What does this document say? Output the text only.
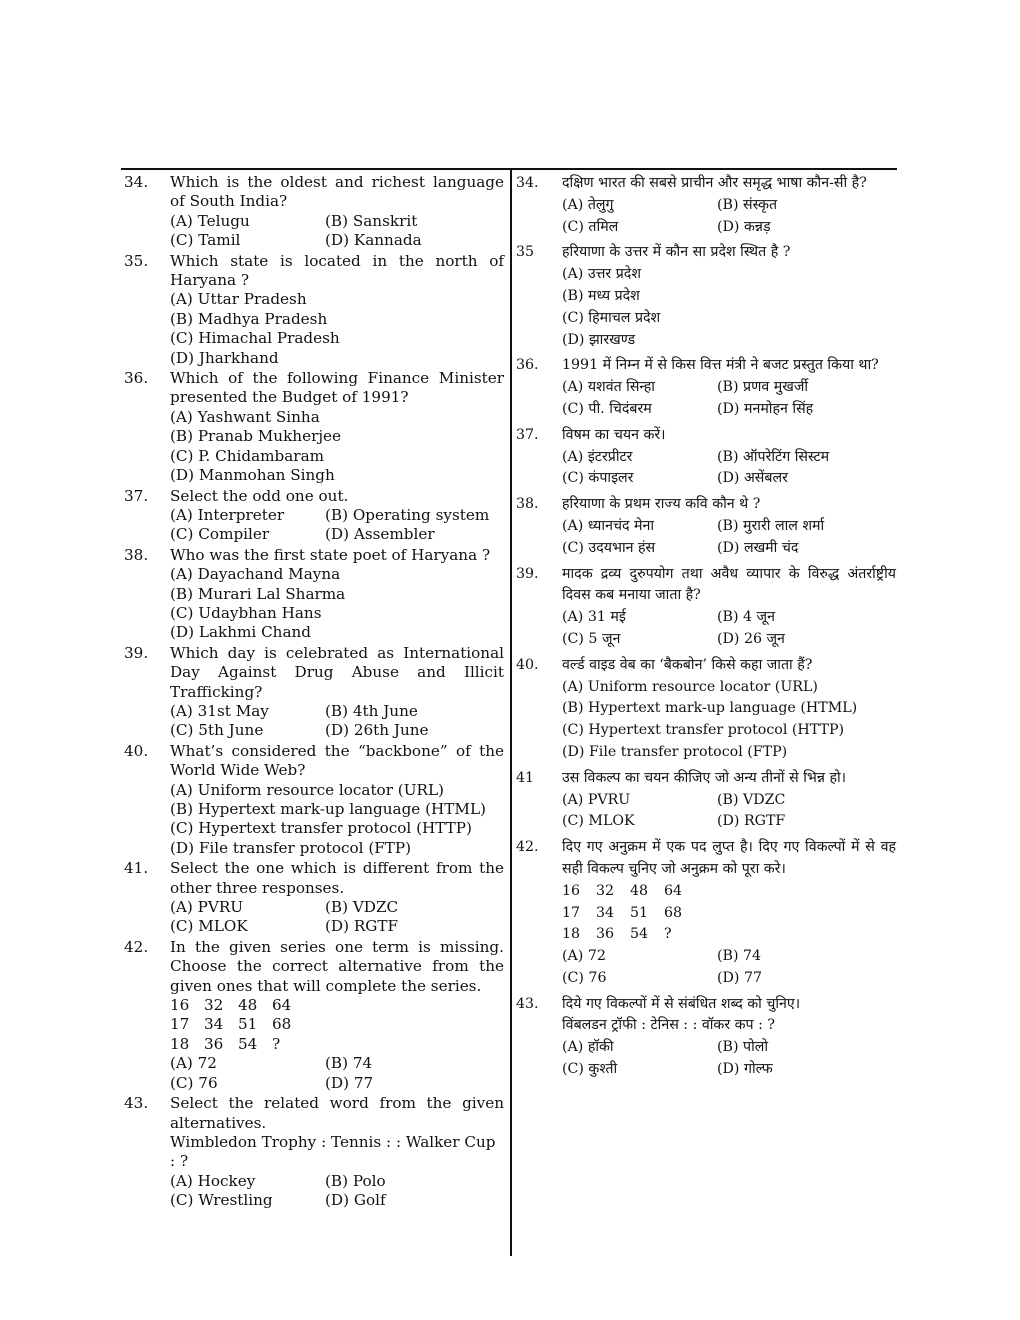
34.	Which is the oldest and richest language of South India?
(A) Telugu	(B) Sanskrit
(C) Tamil	(D) Kannada
35.	Which state is located in the north of Haryana ?
(A) Uttar Pradesh
(B) Madhya Pradesh
(C) Himachal Pradesh
(D) Jharkhand
36.	Which of the following Finance Minister presented the Budget of 1991?
(A) Yashwant Sinha
(B) Pranab Mukherjee
(C) P. Chidambaram
(D) Manmohan Singh
37.	Select the odd one out.
(A) Interpreter	(B) Operating system
(C) Compiler	(D) Assembler
38.	Who was the first state poet of Haryana ?
(A) Dayachand Mayna
(B) Murari Lal Sharma
(C) Udaybhan Hans
(D) Lakhmi Chand
39.	Which day is celebrated as International Day Against Drug Abuse and Illicit Trafficking?
(A) 31st May	(B) 4th June
(C) 5th June	(D) 26th June
40.	What’s considered the “backbone” of the World Wide Web?
(A) Uniform resource locator (URL)
(B) Hypertext mark-up language (HTML)
(C) Hypertext transfer protocol (HTTP)
(D) File transfer protocol (FTP)
41.	Select the one which is different from the other three responses.
(A) PVRU	(B) VDZC
(C) MLOK	(D) RGTF
42.	In the given series one term is missing. Choose the correct alternative from the given ones that will complete the series.
16 32 48 64
17 34 51 68
18 36 54 ?
(A) 72	(B) 74
(C) 76	(D) 77
43.	Select the related word from the given alternatives.
Wimbledon Trophy : Tennis : : Walker Cup : ?
(A) Hockey	(B) Polo
(C) Wrestling	(D) Golf
34.	दक्षिण भारत की सबसे प्राचीन और समृद्ध भाषा कौन-सी है?
(A) तेलुगु	(B) संस्कृत
(C) तमिल	(D) कन्नड़
35	हरियाणा के उत्तर में कौन सा प्रदेश स्थित है ?
(A) उत्तर प्रदेश
(B) मध्य प्रदेश
(C) हिमाचल प्रदेश
(D) झारखण्ड
36.	1991 में निम्न में से किस वित्त मंत्री ने बजट प्रस्तुत किया था?
(A) यशवंत सिन्हा	(B) प्रणव मुखर्जी
(C) पी. चिदंबरम	(D) मनमोहन सिंह
37.	विषम का चयन करें।
(A) इंटरप्रीटर	(B) ऑपरेटिंग सिस्टम
(C) कंपाइलर	(D) असेंबलर
38.	हरियाणा के प्रथम राज्य कवि कौन थे ?
(A) ध्यानचंद मेना	(B) मुरारी लाल शर्मा
(C) उदयभान हंस	(D) लखमी चंद
39.	मादक द्रव्य दुरुपयोग तथा अवैध व्यापार के विरुद्ध अंतर्राष्ट्रीय दिवस कब मनाया जाता है?
(A) 31 मई	(B) 4 जून
(C) 5 जून	(D) 26 जून
40.	वर्ल्ड वाइड वेब का ‘बैकबोन’ किसे कहा जाता हैं?
(A) Uniform resource locator (URL)
(B) Hypertext mark-up language (HTML)
(C) Hypertext transfer protocol (HTTP)
(D) File transfer protocol (FTP)
41	उस विकल्प का चयन कीजिए जो अन्य तीनों से भिन्न हो।
(A) PVRU	(B) VDZC
(C) MLOK	(D) RGTF
42.	दिए गए अनुक्रम में एक पद लुप्त है। दिए गए विकल्पों में से वह सही विकल्प चुनिए जो अनुक्रम को पूरा करे।
16 32 48 64
17 34 51 68
18 36 54 ?
(A) 72	(B) 74
(C) 76	(D) 77
43.	दिये गए विकल्पों में से संबंधित शब्द को चुनिए।
विंबलडन ट्रॉफी : टेनिस : : वॉकर कप : ?
(A) हॉकी	(B) पोलो
(C) कुश्ती	(D) गोल्फ
